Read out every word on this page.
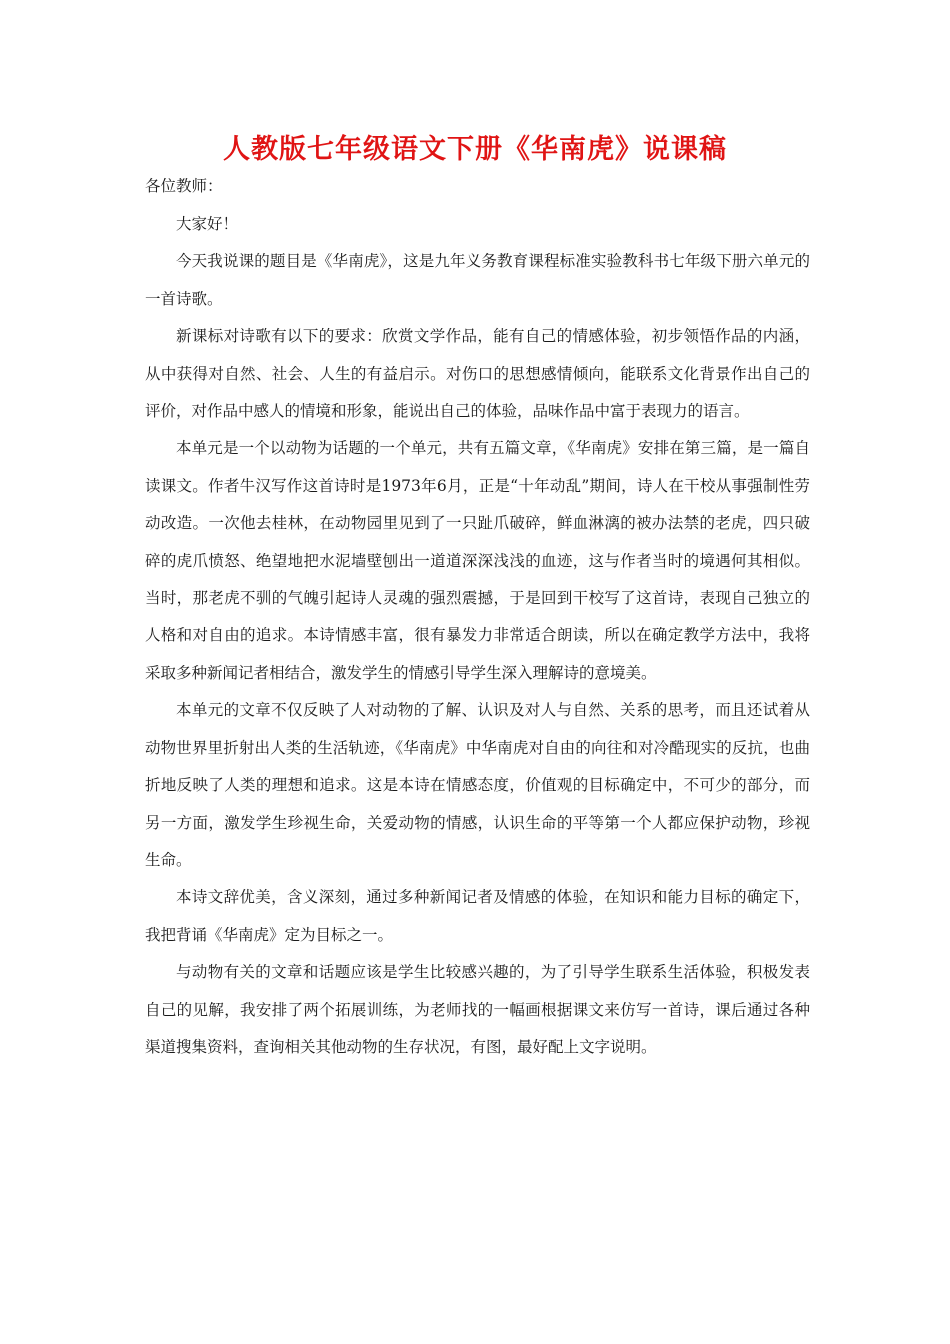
人教版七年级语文下册《华南虎》说课稿
各位教师：

大家好！

今天我说课的题目是《华南虎》，这是九年义务教育课程标准实验教科书七年级下册六单元的一首诗歌。

新课标对诗歌有以下的要求：欣赏文学作品，能有自己的情感体验，初步领悟作品的内涵，从中获得对自然、社会、人生的有益启示。对伤口的思想感情倾向，能联系文化背景作出自己的评价，对作品中感人的情境和形象，能说出自己的体验，品味作品中富于表现力的语言。

本单元是一个以动物为话题的一个单元，共有五篇文章，《华南虎》安排在第三篇，是一篇自读课文。作者牛汉写作这首诗时是1973年6月，正是“十年动乱”期间，诗人在干校从事强制性劳动改造。一次他去桂林，在动物园里见到了一只趾爪破碎，鲜血淋漓的被办法禁的老虎，四只破碎的虎爪愤怒、绝望地把水泥墙壁刨出一道道深深浅浅的血迹，这与作者当时的境遇何其相似。当时，那老虎不驯的气魄引起诗人灵魂的强烈震撼，于是回到干校写了这首诗，表现自己独立的人格和对自由的追求。本诗情感丰富，很有暴发力非常适合朗读，所以在确定教学方法中，我将采取多种新闻记者相结合，激发学生的情感引导学生深入理解诗的意境美。

本单元的文章不仅反映了人对动物的了解、认识及对人与自然、关系的思考，而且还试着从动物世界里折射出人类的生活轨迹，《华南虎》中华南虎对自由的向往和对冷酷现实的反抗，也曲折地反映了人类的理想和追求。这是本诗在情感态度，价值观的目标确定中，不可少的部分，而另一方面，激发学生珍视生命，关爱动物的情感，认识生命的平等第一个人都应保护动物，珍视生命。

本诗文辞优美，含义深刻，通过多种新闻记者及情感的体验，在知识和能力目标的确定下，我把背诵《华南虎》定为目标之一。

与动物有关的文章和话题应该是学生比较感兴趣的，为了引导学生联系生活体验，积极发表自己的见解，我安排了两个拓展训练，为老师找的一幅画根据课文来仿写一首诗，课后通过各种渠道搜集资料，查询相关其他动物的生存状况，有图，最好配上文字说明。
